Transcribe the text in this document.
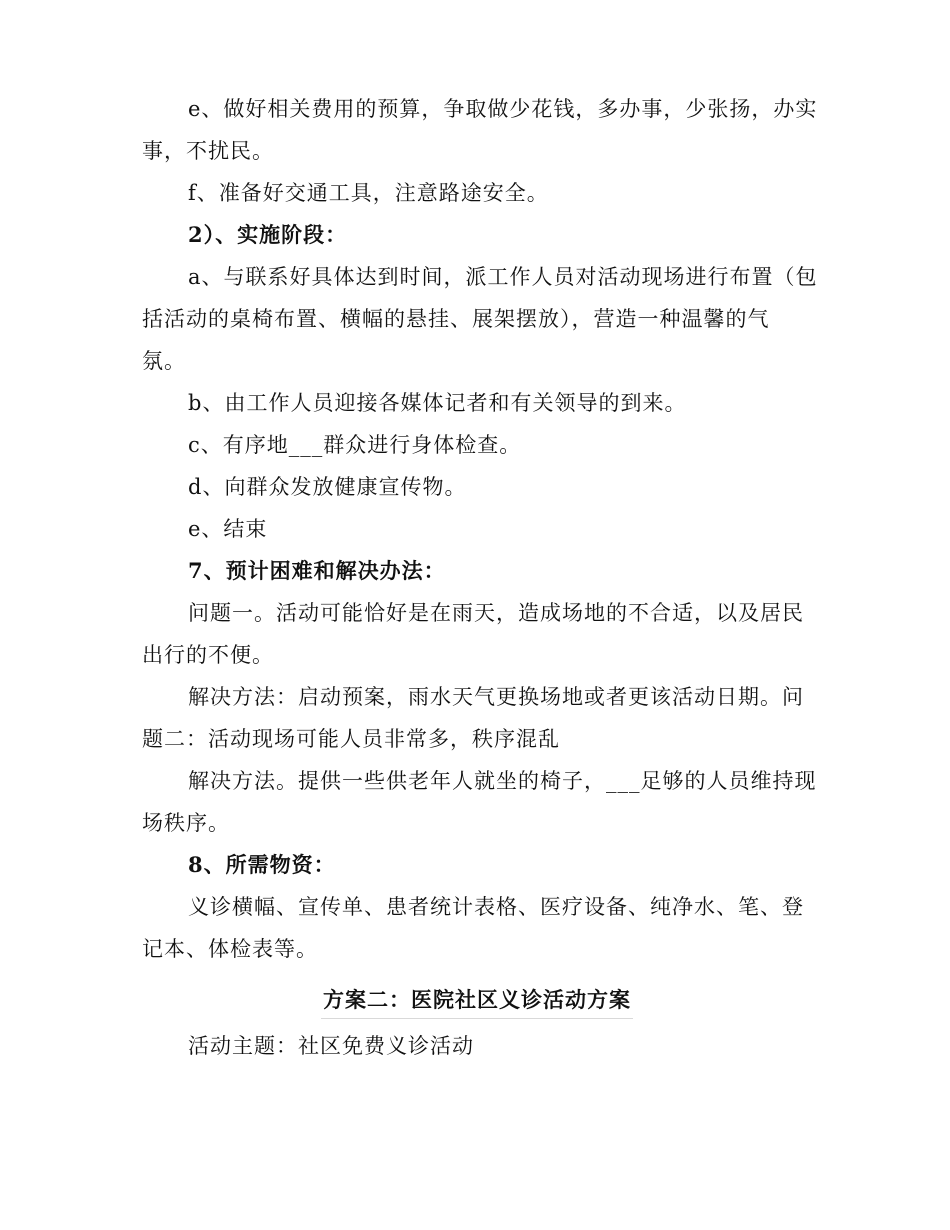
e、做好相关费用的预算，争取做少花钱，多办事，少张扬，办实
事，不扰民。

f、准备好交通工具，注意路途安全。

2）、实施阶段：

a、与联系好具体达到时间，派工作人员对活动现场进行布置（包
括活动的桌椅布置、横幅的悬挂、展架摆放），营造一种温馨的气
氛。

b、由工作人员迎接各媒体记者和有关领导的到来。

c、有序地___群众进行身体检查。

d、向群众发放健康宣传物。

e、结束

7、预计困难和解决办法：

问题一。活动可能恰好是在雨天，造成场地的不合适，以及居民
出行的不便。

解决方法：启动预案，雨水天气更换场地或者更该活动日期。问
题二：活动现场可能人员非常多，秩序混乱

解决方法。提供一些供老年人就坐的椅子，___足够的人员维持现
场秩序。

8、所需物资：

义诊横幅、宣传单、患者统计表格、医疗设备、纯净水、笔、登
记本、体检表等。

方案二：医院社区义诊活动方案

活动主题：社区免费义诊活动
